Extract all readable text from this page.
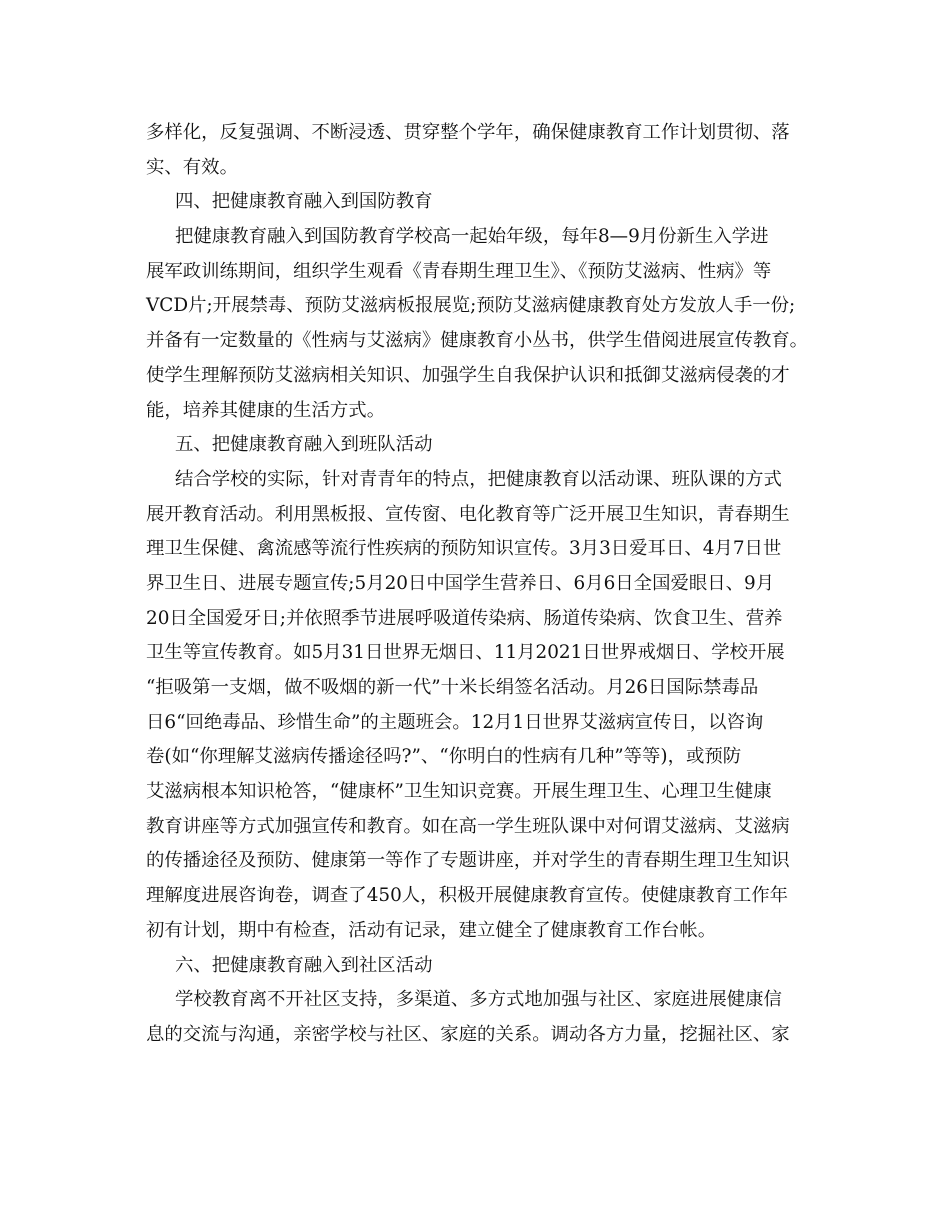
多样化，反复强调、不断浸透、贯穿整个学年，确保健康教育工作计划贯彻、落
实、有效。
四、把健康教育融入到国防教育
把健康教育融入到国防教育学校高一起始年级，每年8—9月份新生入学进
展军政训练期间，组织学生观看《青春期生理卫生》、《预防艾滋病、性病》等
VCD片;开展禁毒、预防艾滋病板报展览;预防艾滋病健康教育处方发放人手一份;
并备有一定数量的《性病与艾滋病》健康教育小丛书，供学生借阅进展宣传教育。
使学生理解预防艾滋病相关知识、加强学生自我保护认识和抵御艾滋病侵袭的才
能，培养其健康的生活方式。
五、把健康教育融入到班队活动
结合学校的实际，针对青青年的特点，把健康教育以活动课、班队课的方式
展开教育活动。利用黑板报、宣传窗、电化教育等广泛开展卫生知识，青春期生
理卫生保健、禽流感等流行性疾病的预防知识宣传。3月3日爱耳日、4月7日世
界卫生日、进展专题宣传;5月20日中国学生营养日、6月6日全国爱眼日、9月
20日全国爱牙日;并依照季节进展呼吸道传染病、肠道传染病、饮食卫生、营养
卫生等宣传教育。如5月31日世界无烟日、11月2021日世界戒烟日、学校开展
“拒吸第一支烟，做不吸烟的新一代”十米长绢签名活动。月26日国际禁毒品
日6“回绝毒品、珍惜生命”的主题班会。12月1日世界艾滋病宣传日，以咨询
卷(如“你理解艾滋病传播途径吗?”、“你明白的性病有几种”等等)，或预防
艾滋病根本知识枪答，“健康杯”卫生知识竞赛。开展生理卫生、心理卫生健康
教育讲座等方式加强宣传和教育。如在高一学生班队课中对何谓艾滋病、艾滋病
的传播途径及预防、健康第一等作了专题讲座，并对学生的青春期生理卫生知识
理解度进展咨询卷，调查了450人，积极开展健康教育宣传。使健康教育工作年
初有计划，期中有检查，活动有记录，建立健全了健康教育工作台帐。
六、把健康教育融入到社区活动
学校教育离不开社区支持，多渠道、多方式地加强与社区、家庭进展健康信
息的交流与沟通，亲密学校与社区、家庭的关系。调动各方力量，挖掘社区、家
